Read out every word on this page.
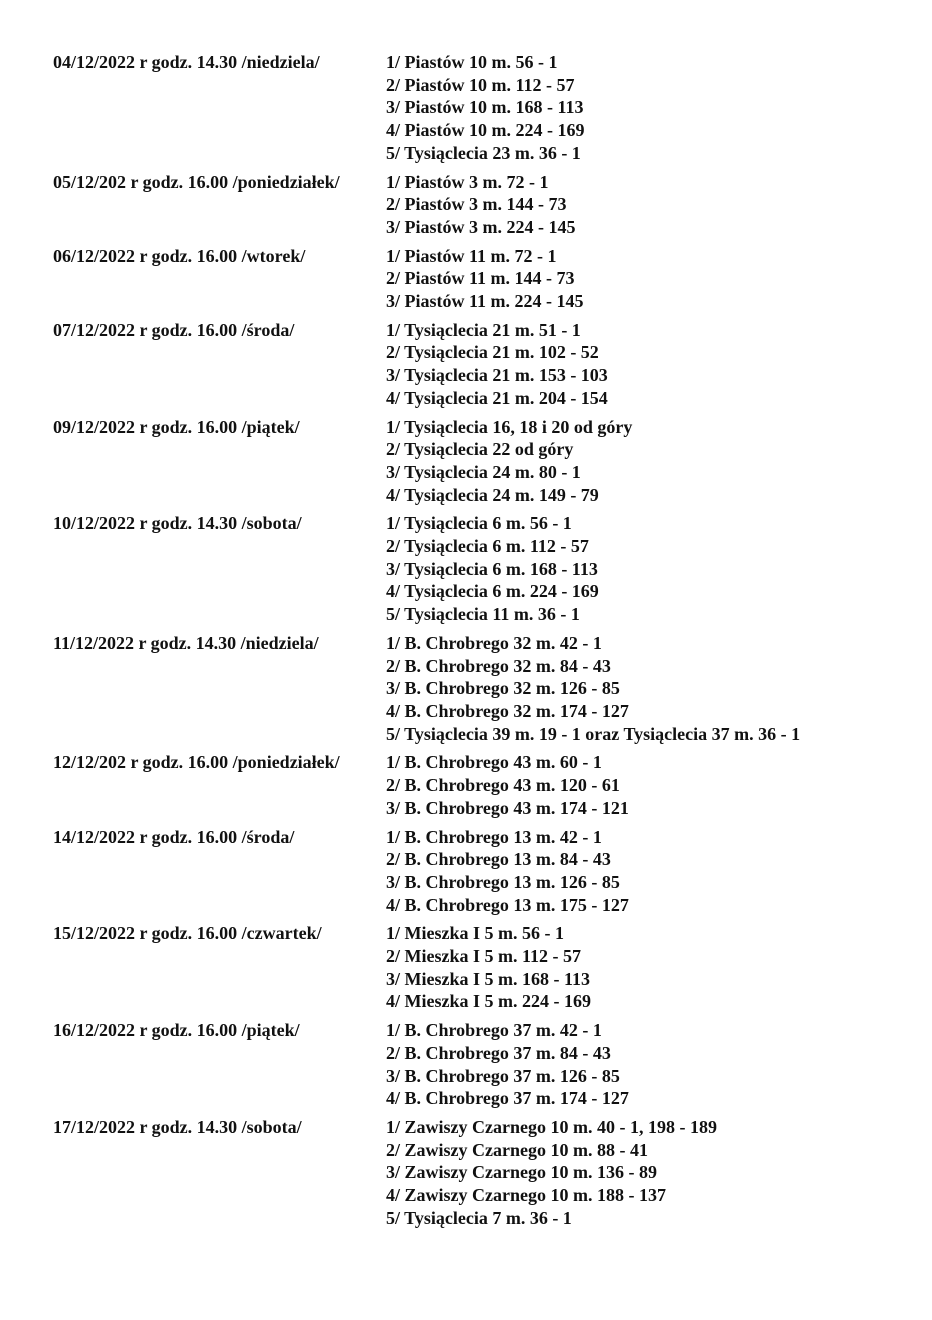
04/12/2022 r godz. 14.30 /niedziela/	1/ Piastów 10 m. 56 - 1
2/ Piastów 10 m. 112 - 57
3/ Piastów 10 m. 168 - 113
4/ Piastów 10 m. 224 - 169
5/ Tysiąclecia 23 m. 36 - 1
05/12/202 r godz. 16.00 /poniedziałek/	1/ Piastów 3 m. 72 - 1
2/ Piastów 3 m. 144 - 73
3/ Piastów 3 m. 224 - 145
06/12/2022 r godz. 16.00 /wtorek/	1/ Piastów 11 m. 72 - 1
2/ Piastów 11 m. 144 - 73
3/ Piastów 11 m. 224 - 145
07/12/2022 r godz. 16.00 /środa/	1/ Tysiąclecia 21 m. 51 - 1
2/ Tysiąclecia 21 m. 102 - 52
3/ Tysiąclecia 21 m. 153 - 103
4/ Tysiąclecia 21 m. 204 - 154
09/12/2022 r godz. 16.00 /piątek/	1/ Tysiąclecia 16, 18 i 20 od góry
2/ Tysiąclecia 22 od góry
3/ Tysiąclecia 24 m. 80 - 1
4/ Tysiąclecia 24 m. 149 - 79
10/12/2022 r godz. 14.30 /sobota/	1/ Tysiąclecia 6 m. 56 - 1
2/ Tysiąclecia 6 m. 112 - 57
3/ Tysiąclecia 6 m. 168 - 113
4/ Tysiąclecia 6 m. 224 - 169
5/ Tysiąclecia 11 m. 36 - 1
11/12/2022 r godz. 14.30 /niedziela/	1/ B. Chrobrego 32 m. 42 - 1
2/ B. Chrobrego 32 m. 84 - 43
3/ B. Chrobrego 32 m. 126 - 85
4/ B. Chrobrego 32 m. 174 - 127
5/ Tysiąclecia 39 m. 19 - 1 oraz Tysiąclecia 37 m. 36 - 1
12/12/202 r godz. 16.00 /poniedziałek/	1/ B. Chrobrego 43 m. 60 - 1
2/ B. Chrobrego 43 m. 120 - 61
3/ B. Chrobrego 43 m. 174 - 121
14/12/2022 r godz. 16.00 /środa/	1/ B. Chrobrego 13 m. 42 - 1
2/ B. Chrobrego 13 m. 84 - 43
3/ B. Chrobrego 13 m. 126 - 85
4/ B. Chrobrego 13 m. 175 - 127
15/12/2022 r godz. 16.00 /czwartek/	1/ Mieszka I 5 m. 56 - 1
2/ Mieszka I 5 m. 112 - 57
3/ Mieszka I 5 m. 168 - 113
4/ Mieszka I 5 m. 224 - 169
16/12/2022 r godz. 16.00 /piątek/	1/ B. Chrobrego 37 m. 42 - 1
2/ B. Chrobrego 37 m. 84 - 43
3/ B. Chrobrego 37 m. 126 - 85
4/ B. Chrobrego 37 m. 174 - 127
17/12/2022 r godz. 14.30 /sobota/	1/ Zawiszy Czarnego 10 m. 40 - 1, 198 - 189
2/ Zawiszy Czarnego 10 m. 88 - 41
3/ Zawiszy Czarnego 10 m. 136 - 89
4/ Zawiszy Czarnego 10 m. 188 - 137
5/ Tysiąclecia 7 m. 36 - 1
